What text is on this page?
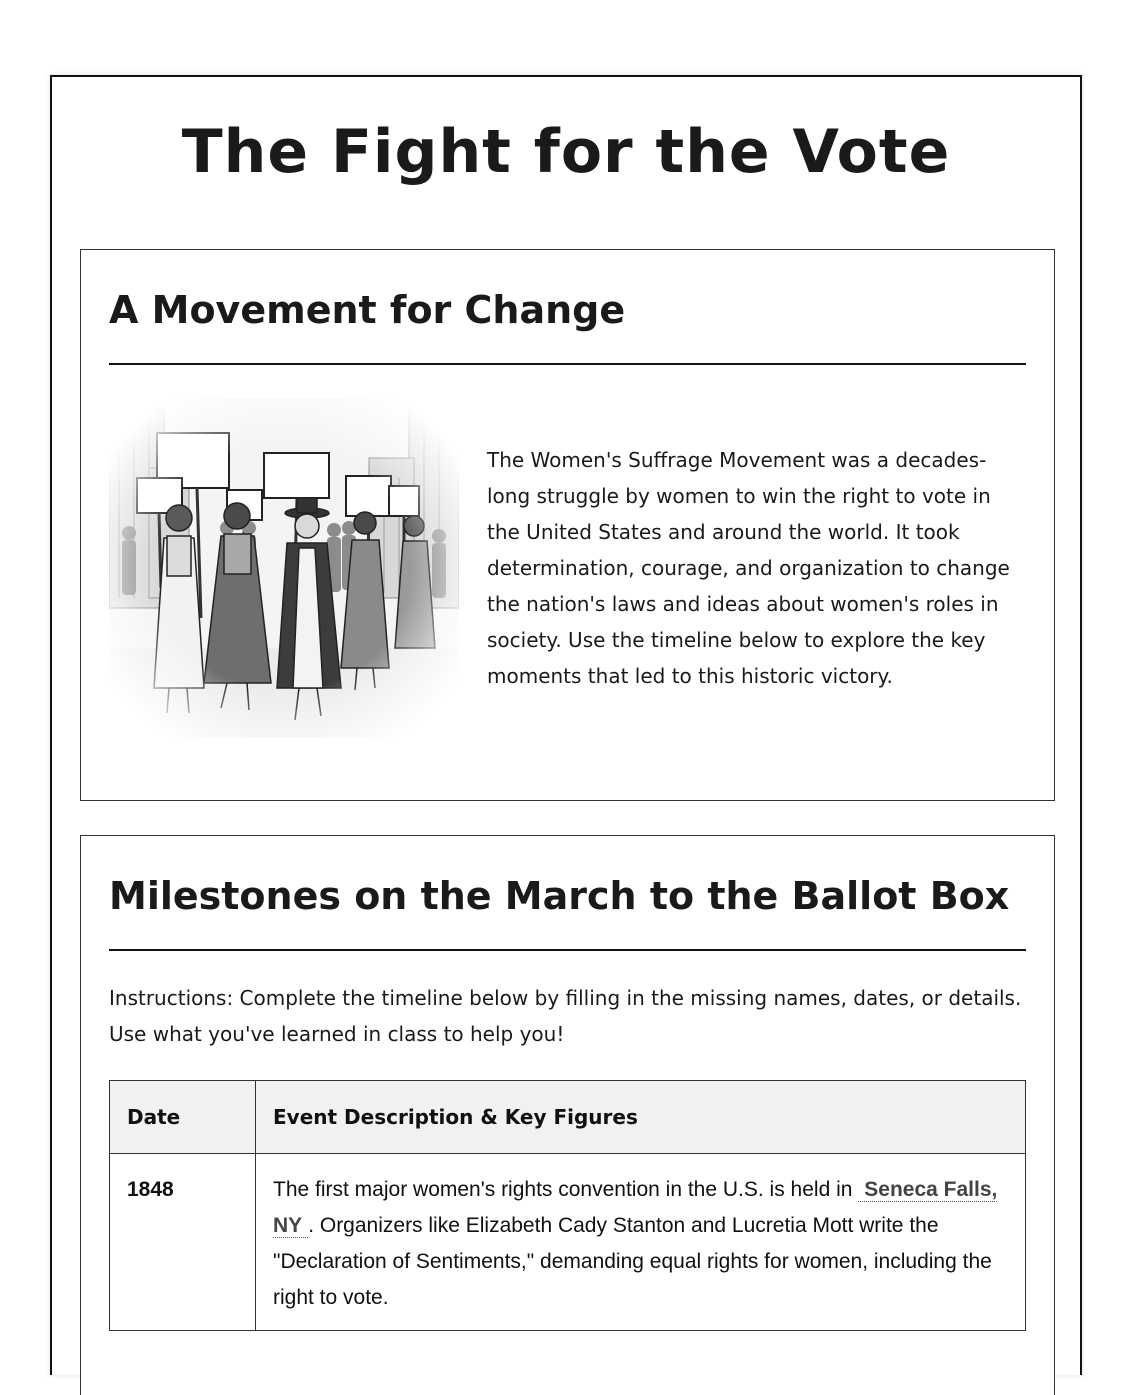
The Fight for the Vote
A Movement for Change

The Women's Suffrage Movement was a decades-long struggle by women to win the right to vote in the United States and around the world. It took determination, courage, and organization to change the nation's laws and ideas about women's roles in society. Use the timeline below to explore the key moments that led to this historic victory.

Milestones on the March to the Ballot Box

Instructions: Complete the timeline below by filling in the missing names, dates, or details. Use what you've learned in class to help you!

Date	Event Description & Key Figures
1848	The first major women's rights convention in the U.S. is held in Seneca Falls, NY . Organizers like Elizabeth Cady Stanton and Lucretia Mott write the "Declaration of Sentiments," demanding equal rights for women, including the right to vote.
